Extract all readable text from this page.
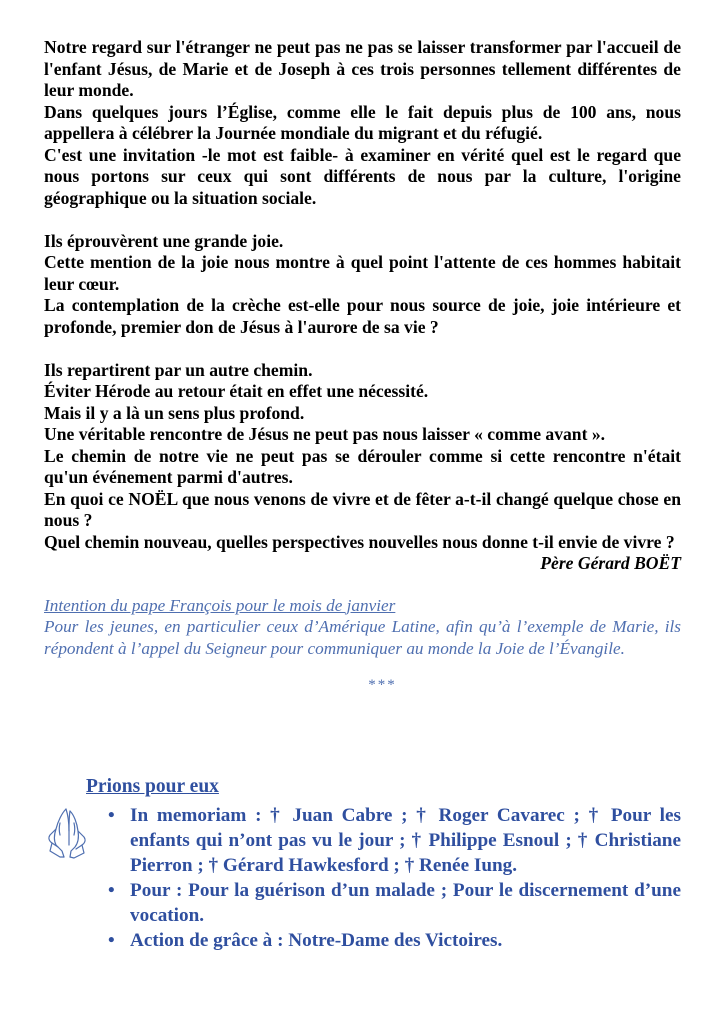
Notre regard sur l'étranger ne peut pas ne pas se laisser transformer par l'accueil de l'enfant Jésus, de Marie et de Joseph à ces trois personnes tellement différentes de leur monde.

Dans quelques jours l’Église, comme elle le fait depuis plus de 100 ans, nous appellera à célébrer la Journée mondiale du migrant et du réfugié.

C'est une invitation -le mot est faible- à examiner en vérité quel est le regard que nous portons sur ceux qui sont différents de nous par la culture, l'origine géographique ou la situation sociale.

Ils éprouvèrent une grande joie.

Cette mention de la joie nous montre à quel point l'attente de ces hommes habitait leur cœur.

La contemplation de la crèche est-elle pour nous source de joie, joie intérieure et profonde, premier don de Jésus à l'aurore de sa vie ?

Ils repartirent par un autre chemin.

Éviter Hérode au retour était en effet une nécessité.

Mais il y a là un sens plus profond.

Une véritable rencontre de Jésus ne peut pas nous laisser « comme avant ».

Le chemin de notre vie ne peut pas se dérouler comme si cette rencontre n'était qu'un événement parmi d'autres.

En quoi ce NOËL que nous venons de vivre et de fêter a-t-il changé quelque chose en nous ?

Quel chemin nouveau, quelles perspectives nouvelles nous donne t-il envie de vivre ?

Père Gérard BOËT

Intention du pape François pour le mois de janvier
Pour les jeunes, en particulier ceux d’Amérique Latine, afin qu’à l’exemple de Marie, ils répondent à l’appel du Seigneur pour communiquer au monde la Joie de l’Évangile.
***
Prions pour eux
• In memoriam : † Juan Cabre ; † Roger Cavarec ; † Pour les enfants qui n’ont pas vu le jour ; † Philippe Esnoul ; † Christiane Pierron ; † Gérard Hawkesford ; † Renée Iung.
• Pour : Pour la guérison d’un malade ; Pour le discernement d’une vocation.
• Action de grâce à : Notre-Dame des Victoires.
